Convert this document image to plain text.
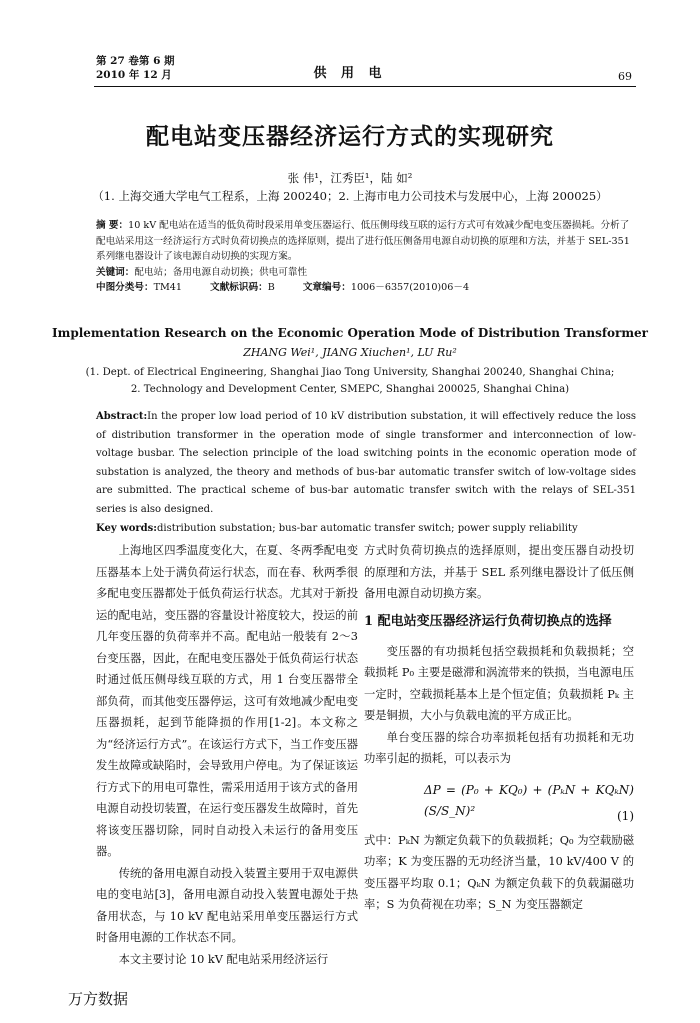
第 27 卷第 6 期
2010 年 12 月	供 用 电	69
配电站变压器经济运行方式的实现研究
张 伟¹，江秀臣¹，陆 如²
（1. 上海交通大学电气工程系，上海 200240；2. 上海市电力公司技术与发展中心，上海 200025）

摘 要：10 kV 配电站在适当的低负荷时段采用单变压器运行、低压侧母线互联的运行方式可有效减少配电变压器损耗。分析了配电站采用这一经济运行方式时负荷切换点的选择原则，提出了进行低压侧备用电源自动切换的原理和方法，并基于 SEL-351 系列继电器设计了该电源自动切换的实现方案。

关键词：配电站；备用电源自动切换；供电可靠性

中图分类号：TM41	文献标识码：B	文章编号：1006－6357(2010)06－4

Implementation Research on the Economic Operation Mode of Distribution Transformer
ZHANG Wei¹, JIANG Xiuchen¹, LU Ru²
(1. Dept. of Electrical Engineering, Shanghai Jiao Tong University, Shanghai 200240, Shanghai China;
2. Technology and Development Center, SMEPC, Shanghai 200025, Shanghai China)

Abstract:In the proper low load period of 10 kV distribution substation, it will effectively reduce the loss of distribution transformer in the operation mode of single transformer and interconnection of low-voltage busbar. The selection principle of the load switching points in the economic operation mode of substation is analyzed, the theory and methods of bus-bar automatic transfer switch of low-voltage sides are submitted. The practical scheme of bus-bar automatic transfer switch with the relays of SEL-351 series is also designed.

Key words:distribution substation; bus-bar automatic transfer switch; power supply reliability

上海地区四季温度变化大，在夏、冬两季配电变压器基本上处于满负荷运行状态，而在春、秋两季很多配电变压器都处于低负荷运行状态。尤其对于新投运的配电站，变压器的容量设计裕度较大，投运的前几年变压器的负荷率并不高。配电站一般装有 2～3 台变压器，因此，在配电变压器处于低负荷运行状态时通过低压侧母线互联的方式，用 1 台变压器带全部负荷，而其他变压器停运，这可有效地减少配电变压器损耗，起到节能降损的作用[1-2]。本文称之为“经济运行方式”。在该运行方式下，当工作变压器发生故障或缺陷时，会导致用户停电。为了保证该运行方式下的用电可靠性，需采用适用于该方式的备用电源自动投切装置，在运行变压器发生故障时，首先将该变压器切除，同时自动投入未运行的备用变压器。

传统的备用电源自动投入装置主要用于双电源供电的变电站[3]，备用电源自动投入装置电源处于热备用状态，与 10 kV 配电站采用单变压器运行方式时备用电源的工作状态不同。

本文主要讨论 10 kV 配电站采用经济运行

方式时负荷切换点的选择原则，提出变压器自动投切的原理和方法，并基于 SEL 系列继电器设计了低压侧备用电源自动切换方案。

1 配电站变压器经济运行负荷切换点的选择

变压器的有功损耗包括空载损耗和负载损耗；空载损耗 P₀ 主要是磁滞和涡流带来的铁损，当电源电压一定时，空载损耗基本上是个恒定值；负载损耗 Pₖ 主要是铜损，大小与负载电流的平方成正比。

单台变压器的综合功率损耗包括有功损耗和无功功率引起的损耗，可以表示为

ΔP = (P₀ + KQ₀) + (PₖN + KQₖN)(S/S_N)²	(1)

式中：PₖN 为额定负载下的负载损耗；Q₀ 为空载励磁功率；K 为变压器的无功经济当量，10 kV/400 V 的变压器平均取 0.1；QₖN 为额定负载下的负载漏磁功率；S 为负荷视在功率；S_N 为变压器额定

万方数据
